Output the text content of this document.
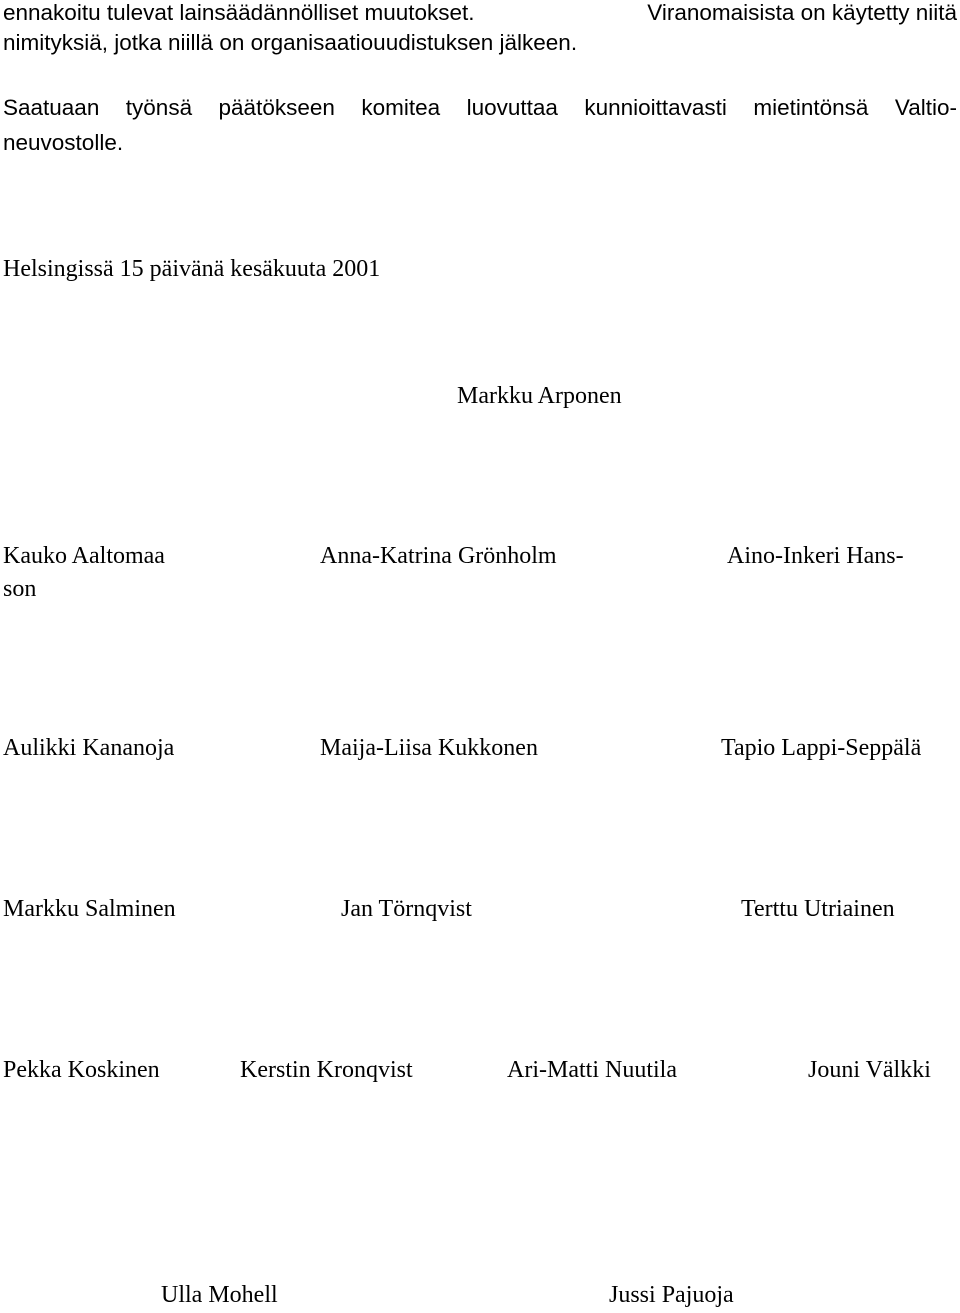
ennakoitu tulevat lainsäädännölliset muutokset.	Viranomaisista on käytetty niitä
nimityksiä, jotka niillä on organisaatiouudistuksen jälkeen.
Saatuaan työnsä päätökseen komitea luovuttaa kunnioittavasti mietintönsä Valtio-
neuvostolle.
Helsingissä 15 päivänä kesäkuuta 2001
Markku Arponen
Kauko Aaltomaa	Anna-Katrina Grönholm	Aino-Inkeri Hans-
son
Aulikki Kananoja	Maija-Liisa Kukkonen	Tapio Lappi-Seppälä
Markku Salminen	Jan Törnqvist	Terttu Utriainen
Pekka Koskinen	Kerstin Kronqvist	Ari-Matti Nuutila	Jouni Välkki
Ulla Mohell	Jussi Pajuoja
